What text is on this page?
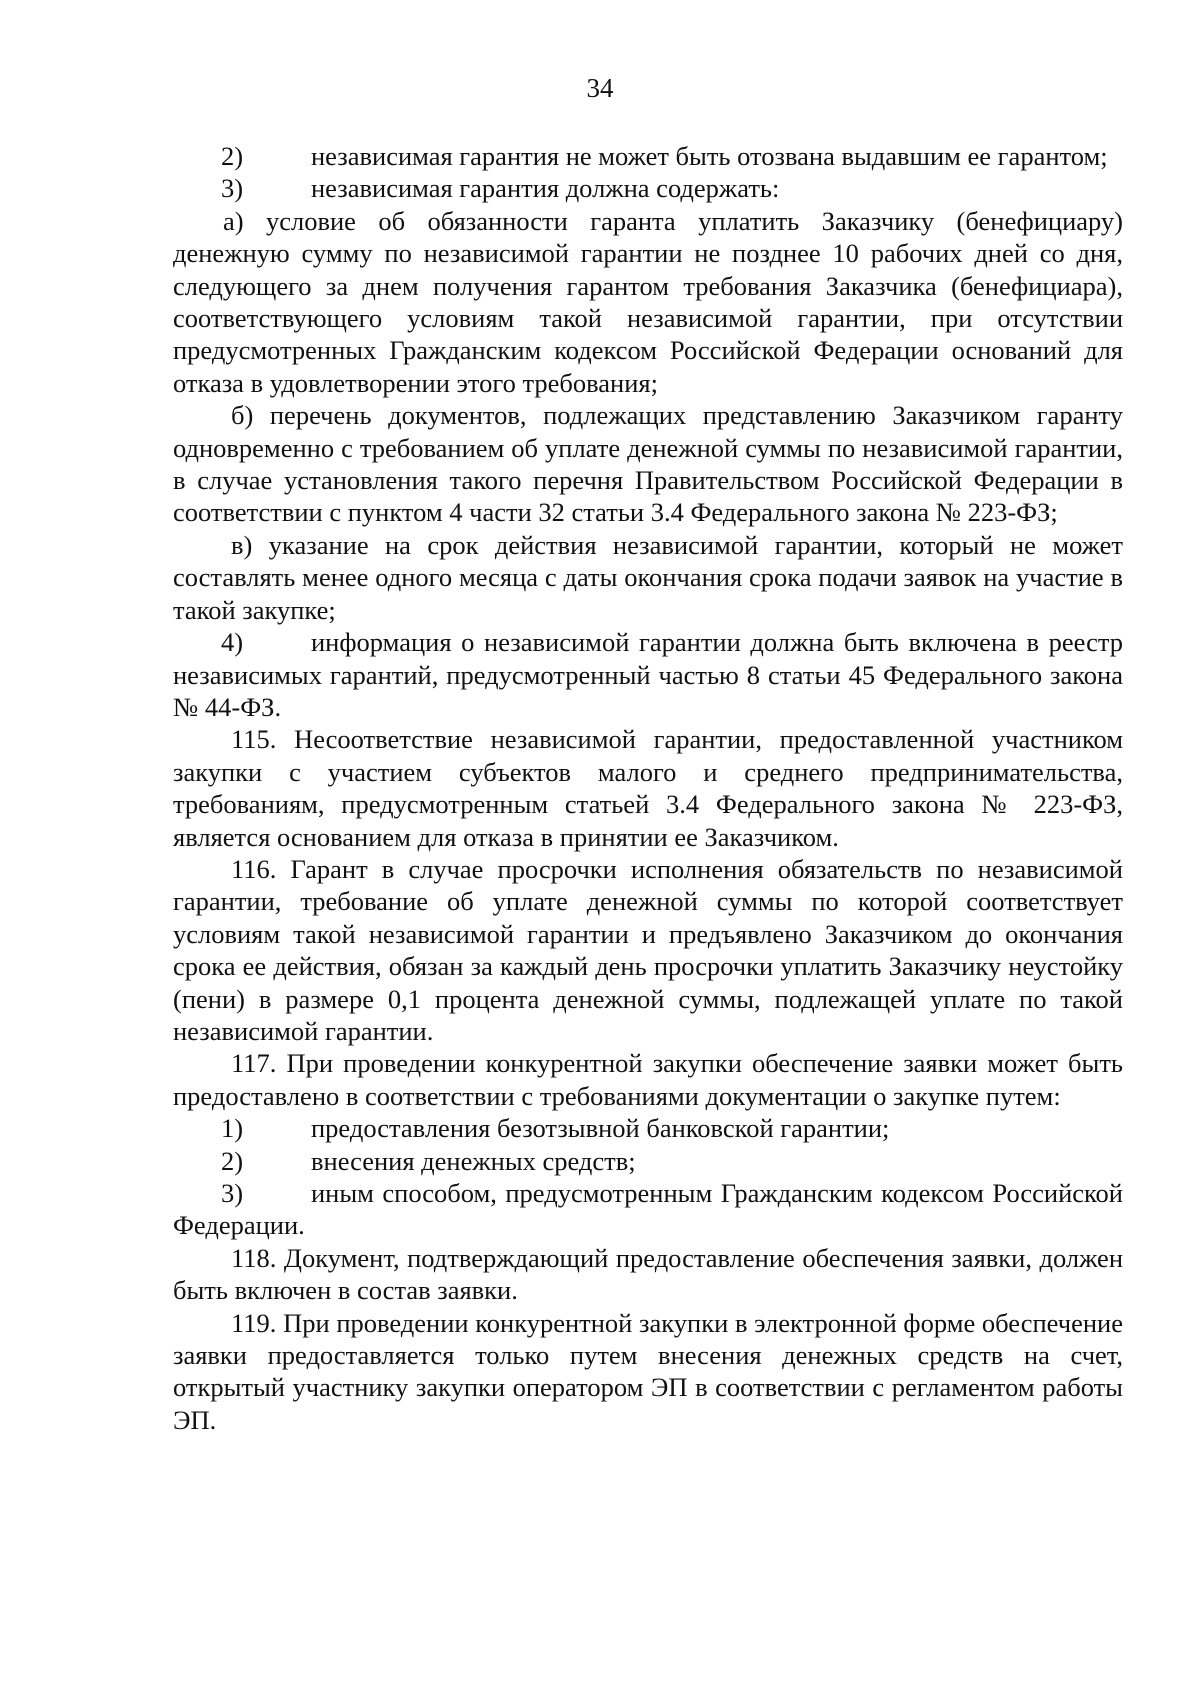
34

2)	независимая гарантия не может быть отозвана выдавшим ее гарантом;

3)	независимая гарантия должна содержать:

а) условие об обязанности гаранта уплатить Заказчику (бенефициару) денежную сумму по независимой гарантии не позднее 10 рабочих дней со дня, следующего за днем получения гарантом требования Заказчика (бенефициара), соответствующего условиям такой независимой гарантии, при отсутствии предусмотренных Гражданским кодексом Российской Федерации оснований для отказа в удовлетворении этого требования;

б) перечень документов, подлежащих представлению Заказчиком гаранту одновременно с требованием об уплате денежной суммы по независимой гарантии, в случае установления такого перечня Правительством Российской Федерации в соответствии с пунктом 4 части 32 статьи 3.4 Федерального закона № 223-ФЗ;

в) указание на срок действия независимой гарантии, который не может составлять менее одного месяца с даты окончания срока подачи заявок на участие в такой закупке;

4)	информация о независимой гарантии должна быть включена в реестр независимых гарантий, предусмотренный частью 8 статьи 45 Федерального закона № 44-ФЗ.

115. Несоответствие независимой гарантии, предоставленной участником закупки с участием субъектов малого и среднего предпринимательства, требованиям, предусмотренным статьей 3.4 Федерального закона № 223-ФЗ, является основанием для отказа в принятии ее Заказчиком.

116. Гарант в случае просрочки исполнения обязательств по независимой гарантии, требование об уплате денежной суммы по которой соответствует условиям такой независимой гарантии и предъявлено Заказчиком до окончания срока ее действия, обязан за каждый день просрочки уплатить Заказчику неустойку (пени) в размере 0,1 процента денежной суммы, подлежащей уплате по такой независимой гарантии.

117. При проведении конкурентной закупки обеспечение заявки может быть предоставлено в соответствии с требованиями документации о закупке путем:

1)	предоставления безотзывной банковской гарантии;

2)	внесения денежных средств;

3)	иным способом, предусмотренным Гражданским кодексом Российской Федерации.

118. Документ, подтверждающий предоставление обеспечения заявки, должен быть включен в состав заявки.

119. При проведении конкурентной закупки в электронной форме обеспечение заявки предоставляется только путем внесения денежных средств на счет, открытый участнику закупки оператором ЭП в соответствии с регламентом работы ЭП.
